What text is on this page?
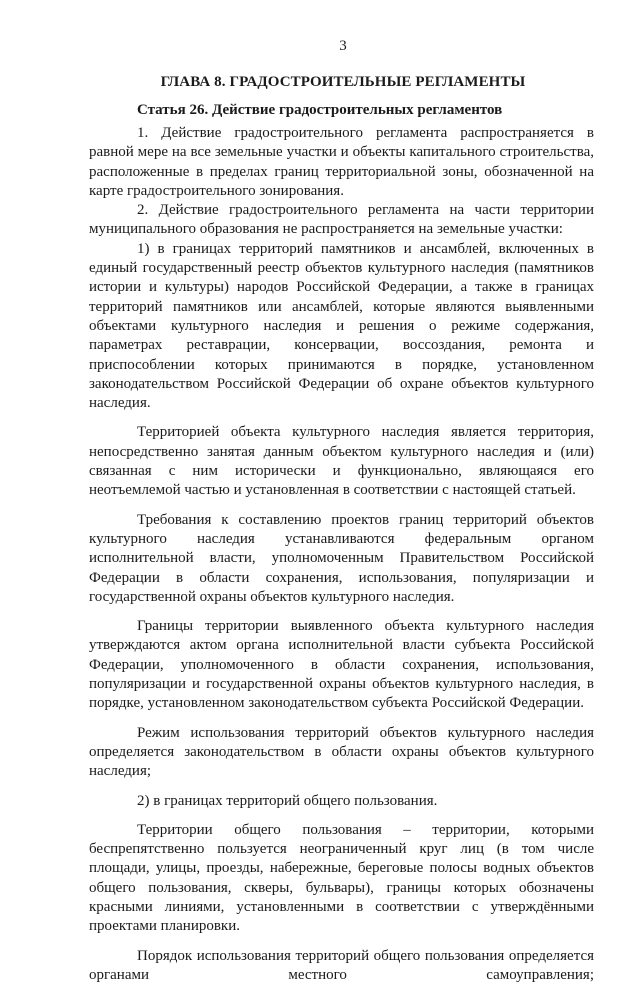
3
ГЛАВА 8. ГРАДОСТРОИТЕЛЬНЫЕ РЕГЛАМЕНТЫ
Статья 26. Действие градостроительных регламентов

1. Действие градостроительного регламента распространяется в равной мере на все земельные участки и объекты капитального строительства, расположенные в пределах границ территориальной зоны, обозначенной на карте градостроительного зонирования.

2. Действие градостроительного регламента на части территории муниципального образования не распространяется на земельные участки:

1) в границах территорий памятников и ансамблей, включенных в единый государственный реестр объектов культурного наследия (памятников истории и культуры) народов Российской Федерации, а также в границах территорий памятников или ансамблей, которые являются выявленными объектами культурного наследия и решения о режиме содержания, параметрах реставрации, консервации, воссоздания, ремонта и приспособлении которых принимаются в порядке, установленном законодательством Российской Федерации об охране объектов культурного наследия.

Территорией объекта культурного наследия является территория, непосредственно занятая данным объектом культурного наследия и (или) связанная с ним исторически и функционально, являющаяся его неотъемлемой частью и установленная в соответствии с настоящей статьей.

Требования к составлению проектов границ территорий объектов культурного наследия устанавливаются федеральным органом исполнительной власти, уполномоченным Правительством Российской Федерации в области сохранения, использования, популяризации и государственной охраны объектов культурного наследия.

Границы территории выявленного объекта культурного наследия утверждаются актом органа исполнительной власти субъекта Российской Федерации, уполномоченного в области сохранения, использования, популяризации и государственной охраны объектов культурного наследия, в порядке, установленном законодательством субъекта Российской Федерации.

Режим использования территорий объектов культурного наследия определяется законодательством в области охраны объектов культурного наследия;

2) в границах территорий общего пользования.

Территории общего пользования – территории, которыми беспрепятственно пользуется неограниченный круг лиц (в том числе площади, улицы, проезды, набережные, береговые полосы водных объектов общего пользования, скверы, бульвары), границы которых обозначены красными линиями, установленными в соответствии с утверждёнными проектами планировки.

Порядок использования территорий общего пользования определяется органами местного самоуправления;
